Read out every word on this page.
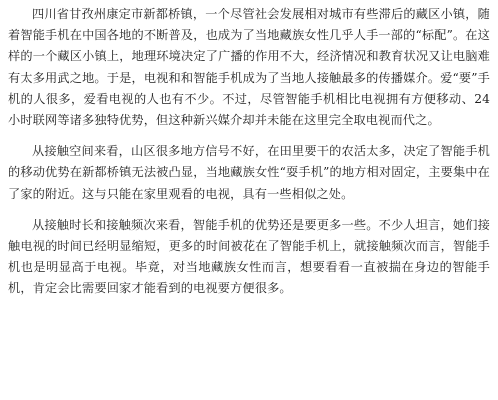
四川省甘孜州康定市新都桥镇，一个尽管社会发展相对城市有些滞后的藏区小镇，随着智能手机在中国各地的不断普及，也成为了当地藏族女性几乎人手一部的“标配”。在这样的一个藏区小镇上，地理环境决定了广播的作用不大，经济情况和教育状况又让电脑难有太多用武之地。于是，电视和和智能手机成为了当地人接触最多的传播媒介。爱“要”手机的人很多，爱看电视的人也有不少。不过，尽管智能手机相比电视拥有方便移动、24小时联网等诸多独特优势，但这种新兴媒介却并未能在这里完全取电视而代之。

从接触空间来看，山区很多地方信号不好，在田里要干的农活太多，决定了智能手机的移动优势在新都桥镇无法被凸显，当地藏族女性“耍手机”的地方相对固定，主要集中在了家的附近。这与只能在家里观看的电视，具有一些相似之处。

从接触时长和接触频次来看，智能手机的优势还是要更多一些。不少人坦言，她们接触电视的时间已经明显缩短，更多的时间被花在了智能手机上，就接触频次而言，智能手机也是明显高于电视。毕竟，对当地藏族女性而言，想要看看一直被揣在身边的智能手机，肯定会比需要回家才能看到的电视要方便很多。
